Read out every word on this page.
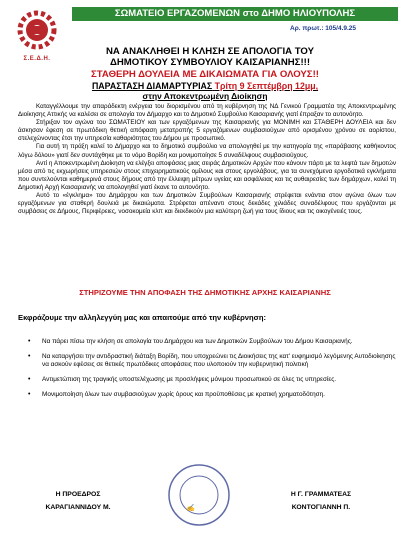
Σ.Ε.Δ.Η.
ΣΩΜΑΤΕΙΟ ΕΡΓΑΖΟΜΕΝΩΝ στο ΔΗΜΟ ΗΛΙΟΥΠΟΛΗΣ
Αρ. πρωτ.: 105/4.9.25
ΝΑ ΑΝΑΚΛΗΘΕΙ Η ΚΛΗΣΗ ΣΕ ΑΠΟΛΟΓΙΑ ΤΟΥ
ΔΗΜΟΤΙΚΟΥ ΣΥΜΒΟΥΛΙΟΥ ΚΑΙΣΑΡΙΑΝΗΣ!!!
ΣΤΑΘΕΡΗ ΔΟΥΛΕΙΑ ΜΕ ΔΙΚΑΙΩΜΑΤΑ ΓΙΑ ΟΛΟΥΣ!!
ΠΑΡΑΣΤΑΣΗ ΔΙΑΜΑΡΤΥΡΙΑΣ Τρίτη 9 Σεπτέμβρη 12μμ,
στην Αποκεντρωμένη Διοίκηση

Καταγγέλλουμε την απαράδεκτη ενέργεια του διορισμένου από τη κυβέρνηση της ΝΔ Γενικού Γραμματέα της Αποκεντρωμένης Διοίκησης Αττικής να καλέσει σε απολογία τον Δήμαρχο και το Δημοτικό Συμβούλιο Καισαριανής γιατί έπραξαν το αυτονόητο.

Στήριξαν τον αγώνα του ΣΩΜΑΤΕΙΟΥ και των εργαζόμενων της Καισαριανής για ΜΟΝΙΜΗ και ΣΤΑΘΕΡΗ ΔΟΥΛΕΙΑ και δεν άσκησαν έφεση σε πρωτόδικη θετική απόφαση μετατροπής 5 εργαζόμενων συμβασιούχων από ορισμένου χρόνου σε αορίστου, στελεχώνοντας έτσι την υπηρεσία καθαριότητας του Δήμου με προσωπικό.

Για αυτή τη πράξη καλεί το Δήμαρχο και το δημοτικό συμβούλιο να απολογηθεί με την κατηγορία της «παράβασης καθήκοντος λόγω δόλου» γιατί δεν συντάχθηκε με το νόμο Βορίδη και μονιμοποίησε 5 συναδέλφους συμβασιούχους.

Αντί η Αποκεντρωμένη Διοίκηση να ελέγξει αποφάσεις μιας σειράς Δημοτικών Αρχών που κάνουν πάρτι με τα λεφτά των δημοτών μέσα από τις εκχωρήσεις υπηρεσιών στους επιχειρηματικούς ομίλους και στους εργολάβους, για τα συνεχόμενα εργοδοτικά εγκλήματα που συντελούνται καθημερινά στους δήμους από την έλλειψη μέτρων υγείας και ασφάλειας και τις αυθαιρεσίες των δημάρχων, καλεί τη Δημοτική Αρχή Καισαριανής να απολογηθεί γιατί έκανε το αυτονόητο.

Αυτό το «έγκλημα» του Δημάρχου και των Δημοτικών Συμβούλων Καισαριανής στρέφεται ενάντια στον αγώνα όλων των εργαζόμενων για σταθερή δουλειά με δικαιώματα. Στρέφεται απέναντι στους δεκάδες χιλιάδες συναδέλφους που εργάζονται με συμβάσεις σε Δήμους, Περιφέρειες, νοσοκομεία κλπ και διεκδικούν μια καλύτερη ζωή για τους ίδιους και τις οικογένειές τους.

ΣΤΗΡΙΖΟΥΜΕ ΤΗΝ ΑΠΟΦΑΣΗ ΤΗΣ ΔΗΜΟΤΙΚΗΣ ΑΡΧΗΣ ΚΑΙΣΑΡΙΑΝΗΣ
Εκφράζουμε την αλληλεγγύη μας και απαιτούμε από την κυβέρνηση:
• Να πάρει πίσω την κλήση σε απολογία του Δημάρχου και των Δημοτικών Συμβούλων του Δήμου Καισαριανής.
• Να καταργήσει την αντιδραστική διάταξη Βορίδη, που υποχρεώνει τις Διοικήσεις της κατ' ευφημισμό λεγόμενης Αυτοδιοίκησης να ασκούν εφέσεις σε θετικές πρωτόδικες αποφάσεις που υλοποιούν την κυβερνητική πολιτική
• Αντιμετώπιση της τραγικής υποστελέχωσης με προσλήψεις μόνιμου προσωπικού σε όλες τις υπηρεσίες.
• Μονιμοποίηση όλων των συμβασιούχων χωρίς όρους και προϋποθέσεις με κρατική χρηματοδότηση.
Η ΠΡΟΕΔΡΟΣ
ΚΑΡΑΓΙΑΝΝΙΔΟΥ Μ.	✍
Η Γ. ΓΡΑΜΜΑΤΕΑΣ
ΚΟΝΤΟΓΙΑΝΝΗ Π.
